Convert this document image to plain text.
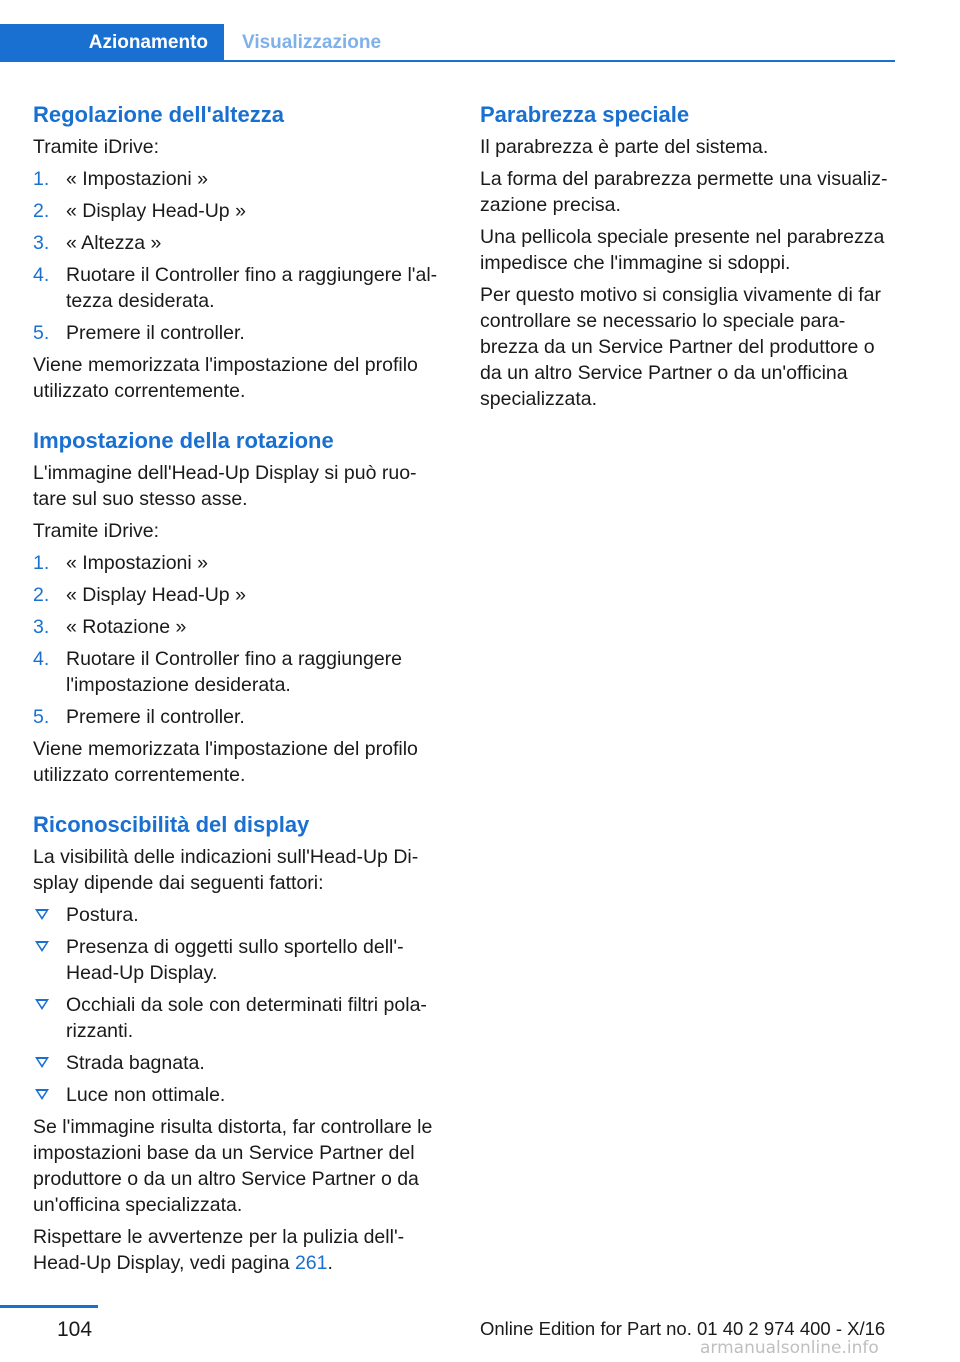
Azionamento	Visualizzazione
Regolazione dell'altezza

Tramite iDrive:

1. « Impostazioni »
2. « Display Head-Up »
3. « Altezza »
4. Ruotare il Controller fino a raggiungere l'al‐tezza desiderata.
5. Premere il controller.

Viene memorizzata l'impostazione del profilo utilizzato correntemente.

Impostazione della rotazione

L'immagine dell'Head-Up Display si può ruo‐tare sul suo stesso asse.

Tramite iDrive:

1. « Impostazioni »
2. « Display Head-Up »
3. « Rotazione »
4. Ruotare il Controller fino a raggiungere l'impostazione desiderata.
5. Premere il controller.

Viene memorizzata l'impostazione del profilo utilizzato correntemente.

Riconoscibilità del display

La visibilità delle indicazioni sull'Head-Up Di‐splay dipende dai seguenti fattori:

Postura.
Presenza di oggetti sullo sportello dell'‐Head-Up Display.
Occhiali da sole con determinati filtri pola‐rizzanti.
Strada bagnata.
Luce non ottimale.

Se l'immagine risulta distorta, far controllare le impostazioni base da un Service Partner del produttore o da un altro Service Partner o da un'officina specializzata.

Rispettare le avvertenze per la pulizia dell'‐Head-Up Display, vedi pagina 261.

Parabrezza speciale

Il parabrezza è parte del sistema.

La forma del parabrezza permette una visualiz‐zazione precisa.

Una pellicola speciale presente nel parabrezza impedisce che l'immagine si sdoppi.

Per questo motivo si consiglia vivamente di far controllare se necessario lo speciale para‐brezza da un Service Partner del produttore o da un altro Service Partner o da un'officina specializzata.

104	Online Edition for Part no. 01 40 2 974 400 - X/16
armanualsonline.info
